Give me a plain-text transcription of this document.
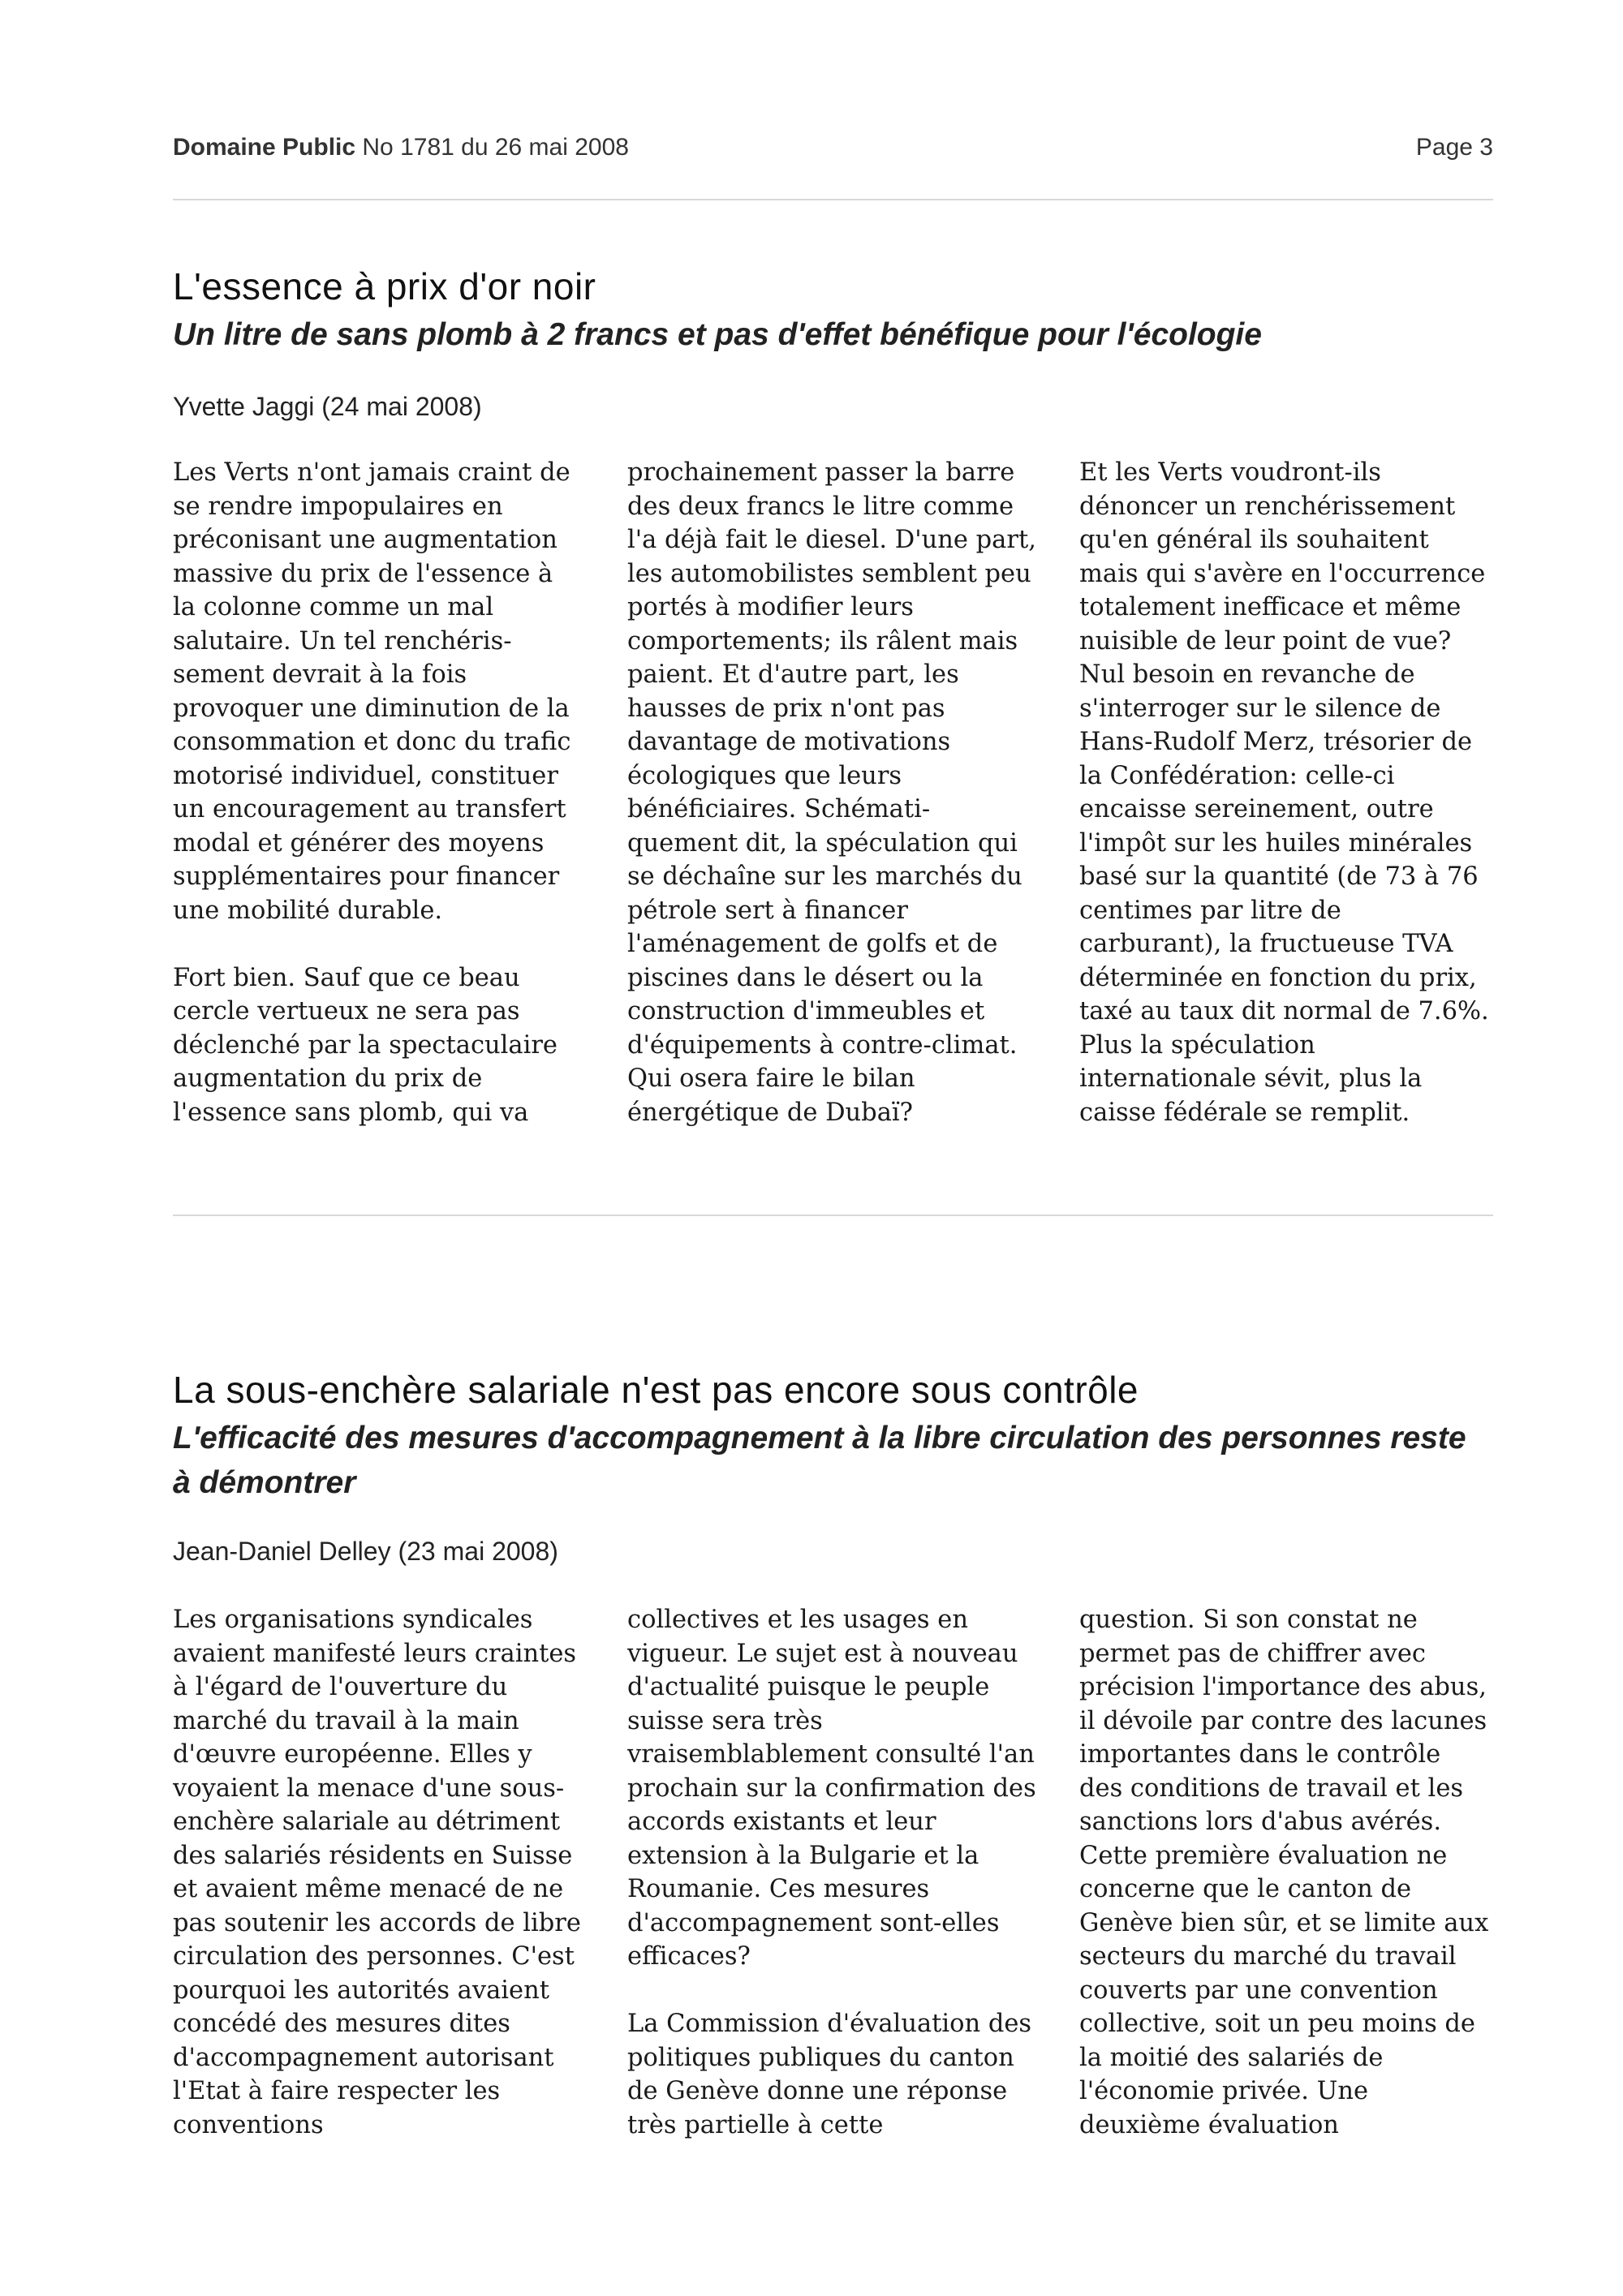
Domaine Public No 1781 du 26 mai 2008	Page 3
L'essence à prix d'or noir
Un litre de sans plomb à 2 francs et pas d'effet bénéfique pour l'écologie
Yvette Jaggi (24 mai 2008)

Les Verts n'ont jamais craint de se rendre impopulaires en préconisant une augmentation massive du prix de l'essence à la colonne comme un mal salutaire. Un tel renchéris-sement devrait à la fois provoquer une diminution de la consommation et donc du trafic motorisé individuel, constituer un encouragement au transfert modal et générer des moyens supplémentaires pour financer une mobilité durable.

Fort bien. Sauf que ce beau cercle vertueux ne sera pas déclenché par la spectaculaire augmentation du prix de l'essence sans plomb, qui va

prochainement passer la barre des deux francs le litre comme l'a déjà fait le diesel. D'une part, les automobilistes semblent peu portés à modifier leurs comportements; ils râlent mais paient. Et d'autre part, les hausses de prix n'ont pas davantage de motivations écologiques que leurs bénéficiaires. Schémati-quement dit, la spéculation qui se déchaîne sur les marchés du pétrole sert à financer l'aménagement de golfs et de piscines dans le désert ou la construction d'immeubles et d'équipements à contre-climat. Qui osera faire le bilan énergétique de Dubaï?

Et les Verts voudront-ils dénoncer un renchérissement qu'en général ils souhaitent mais qui s'avère en l'occurrence totalement inefficace et même nuisible de leur point de vue? Nul besoin en revanche de s'interroger sur le silence de Hans-Rudolf Merz, trésorier de la Confédération: celle-ci encaisse sereinement, outre l'impôt sur les huiles minérales basé sur la quantité (de 73 à 76 centimes par litre de carburant), la fructueuse TVA déterminée en fonction du prix, taxé au taux dit normal de 7.6%. Plus la spéculation internationale sévit, plus la caisse fédérale se remplit.

La sous-enchère salariale n'est pas encore sous contrôle
L'efficacité des mesures d'accompagnement à la libre circulation des personnes reste à démontrer
Jean-Daniel Delley (23 mai 2008)

Les organisations syndicales avaient manifesté leurs craintes à l'égard de l'ouverture du marché du travail à la main d'œuvre européenne. Elles y voyaient la menace d'une sous-enchère salariale au détriment des salariés résidents en Suisse et avaient même menacé de ne pas soutenir les accords de libre circulation des personnes. C'est pourquoi les autorités avaient concédé des mesures dites d'accompagnement autorisant l'Etat à faire respecter les conventions

collectives et les usages en vigueur. Le sujet est à nouveau d'actualité puisque le peuple suisse sera très vraisemblablement consulté l'an prochain sur la confirmation des accords existants et leur extension à la Bulgarie et la Roumanie. Ces mesures d'accompagnement sont-elles efficaces?

La Commission d'évaluation des politiques publiques du canton de Genève donne une réponse très partielle à cette

question. Si son constat ne permet pas de chiffrer avec précision l'importance des abus, il dévoile par contre des lacunes importantes dans le contrôle des conditions de travail et les sanctions lors d'abus avérés. Cette première évaluation ne concerne que le canton de Genève bien sûr, et se limite aux secteurs du marché du travail couverts par une convention collective, soit un peu moins de la moitié des salariés de l'économie privée. Une deuxième évaluation
